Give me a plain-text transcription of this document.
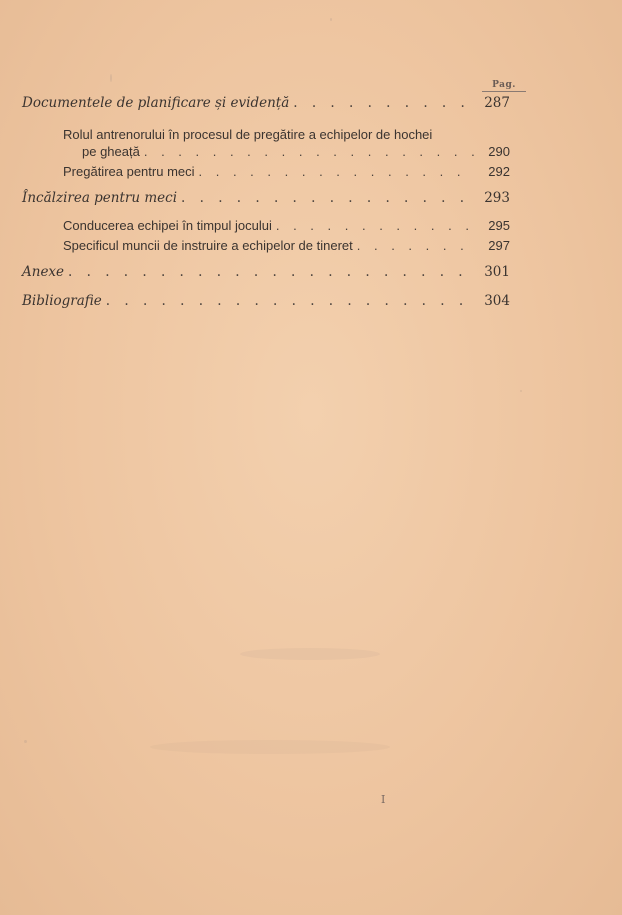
Pag.
Documentele de planificare și evidență . . .	287
Rolul antrenorului în procesul de pregătire a echipelor de hochei
pe gheață . . .	290
Pregătirea pentru meci . . .	292
Încălzirea pentru meci . . .	293
Conducerea echipei în timpul jocului . . .	295
Specificul muncii de instruire a echipelor de tineret . . .	297
Anexe . . .	301
Bibliografie . . .	304
I
